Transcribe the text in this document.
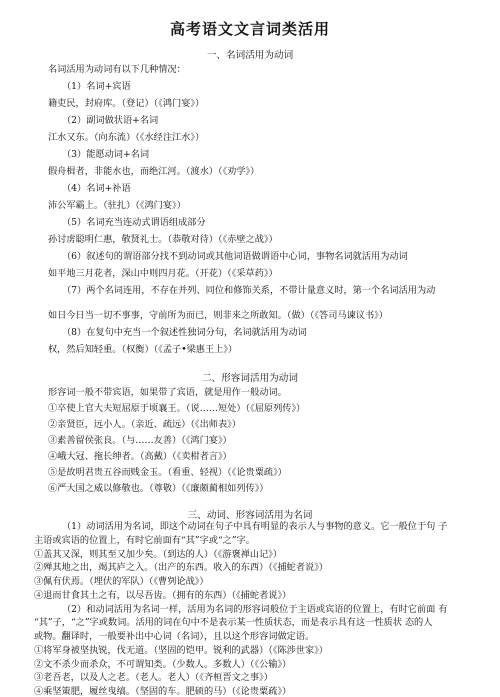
高考语文文言词类活用
一、名词活用为动词
名词活用为动词有以下几种情况：
（1）名词+宾语
籍吏民，封府库。（登记）（《鸿门宴》）
（2）副词做状语+名词
江水又东。（向东流）（《水经注江水》）
（3）能愿动词+名词
假舟楫者，非能水也，而绝江河。（渡水）（《劝学》）
（4）名词+补语
沛公军霸上。（驻扎）（《鸿门宴》）
（5）名词充当连动式谓语组成部分
孙讨虏聪明仁惠，敬贤礼士。（恭敬对待）（《赤壁之战》）
（6）叙述句的谓语部分找不到动词或其他词语做谓语中心词，事物名词就活用为动词
如平地三月花者，深山中则四月花。（开花）（《采草药》）
（7）两个名词连用，不存在并列、同位和修饰关系，不带计量意义时，第一个名词活用为动
如日今日当一切不事事，守前所为而已，则非来之所敢知。（做）（《答司马谏议书》）
（8）在复句中充当一个叙述性独词分句，名词就活用为动词
权，然后知轻重。（权衡）（《孟子•梁惠王上》）
二、形容词活用为动词
形容词一般不带宾语，如果带了宾语，就是用作一般动词。
①卒使上官大夫短屈原于顷襄王。（说……短处）（《屈原列传》）
②亲贤臣，远小人。（亲近、疏远）（《出师表》）
③素善留侯张良。（与……友善）（《鸿门宴》）
④峨大冠、拖长绅者。（高戴）（《卖柑者言》）
⑤是故明君贵五谷而贱金玉。（看重、轻视）（《论贵粟疏》）
⑥严大国之威以修敬也。（尊敬）（《廉颇蔺相如列传》）
三、动词、形容词活用为名词
（1）动词活用为名词，即这个动词在句子中具有明显的表示人与事物的意义。它一般位于句 子
主语或宾语的位置上，有时它前面有“其”字或“之”字。
①盖其又深，则其至又加少矣。（到达的人）（《游褒禅山记》）
②殚其地之出，竭其庐之入。（出产的东西。收入的东西）（《捕蛇者说》）
③佩有伏焉。（埋伏的军队）（《曹刿论战》）
④退而甘食其土之有，以尽吾齿。（拥有的东西）（《捕蛇者说》）
（2）和动词活用为名词一样，活用为名词的形容词般位于主语或宾语的位置上，有时它前面 有
“其”子，“之”字或数词。活用的词在句中不是表示某一性质状态，而是表示具有这一性质状 态的人
或物。翻译时，一般要补出中心词（名词），且以这个形容词做定语。
①将军身被坚执锐，伐无道。（坚固的铠甲。锐利的武器）（《陈涉世家》）
②文不杀少而杀众，不可谓知类。（少数人。多数人）（《公输》）
③老吾老，以及人之老。（老人。老人）（《齐桓晋文之事》）
④乘坚策肥，履丝曳缟。（坚固的车。肥硕的马）（《论贵粟疏》）
